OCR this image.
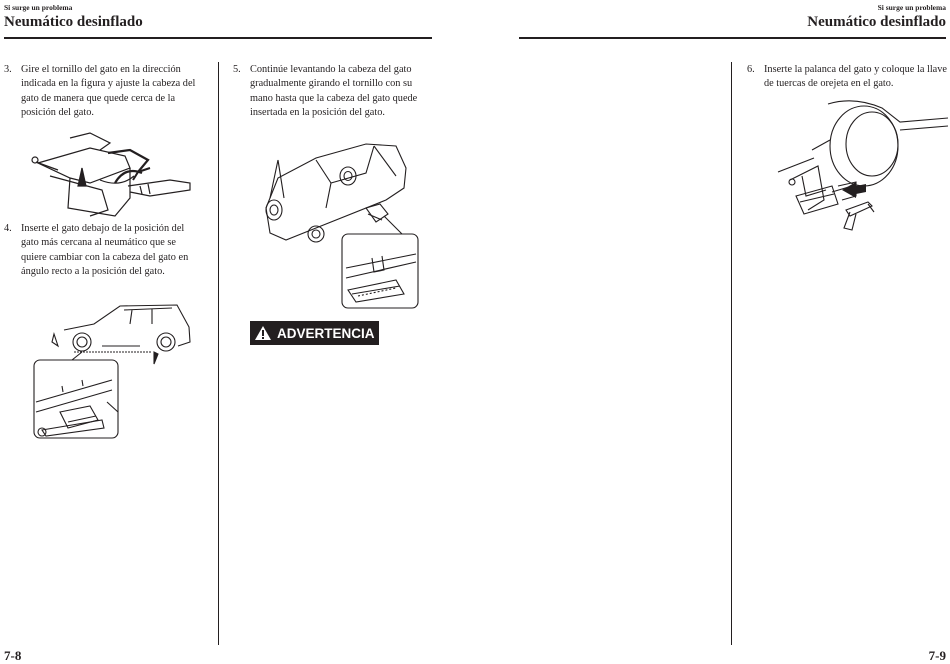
Si surge un problema
Neumático desinflado
Si surge un problema
Neumático desinflado
3. Gire el tornillo del gato en la dirección indicada en la figura y ajuste la cabeza del gato de manera que quede cerca de la posición del gato.
4. Inserte el gato debajo de la posición del gato más cercana al neumático que se quiere cambiar con la cabeza del gato en ángulo recto a la posición del gato.
5. Continúe levantando la cabeza del gato gradualmente girando el tornillo con su mano hasta que la cabeza del gato quede insertada en la posición del gato.
ADVERTENCIA
6. Inserte la palanca del gato y coloque la llave de tuercas de orejeta en el gato.
7-8	7-9
